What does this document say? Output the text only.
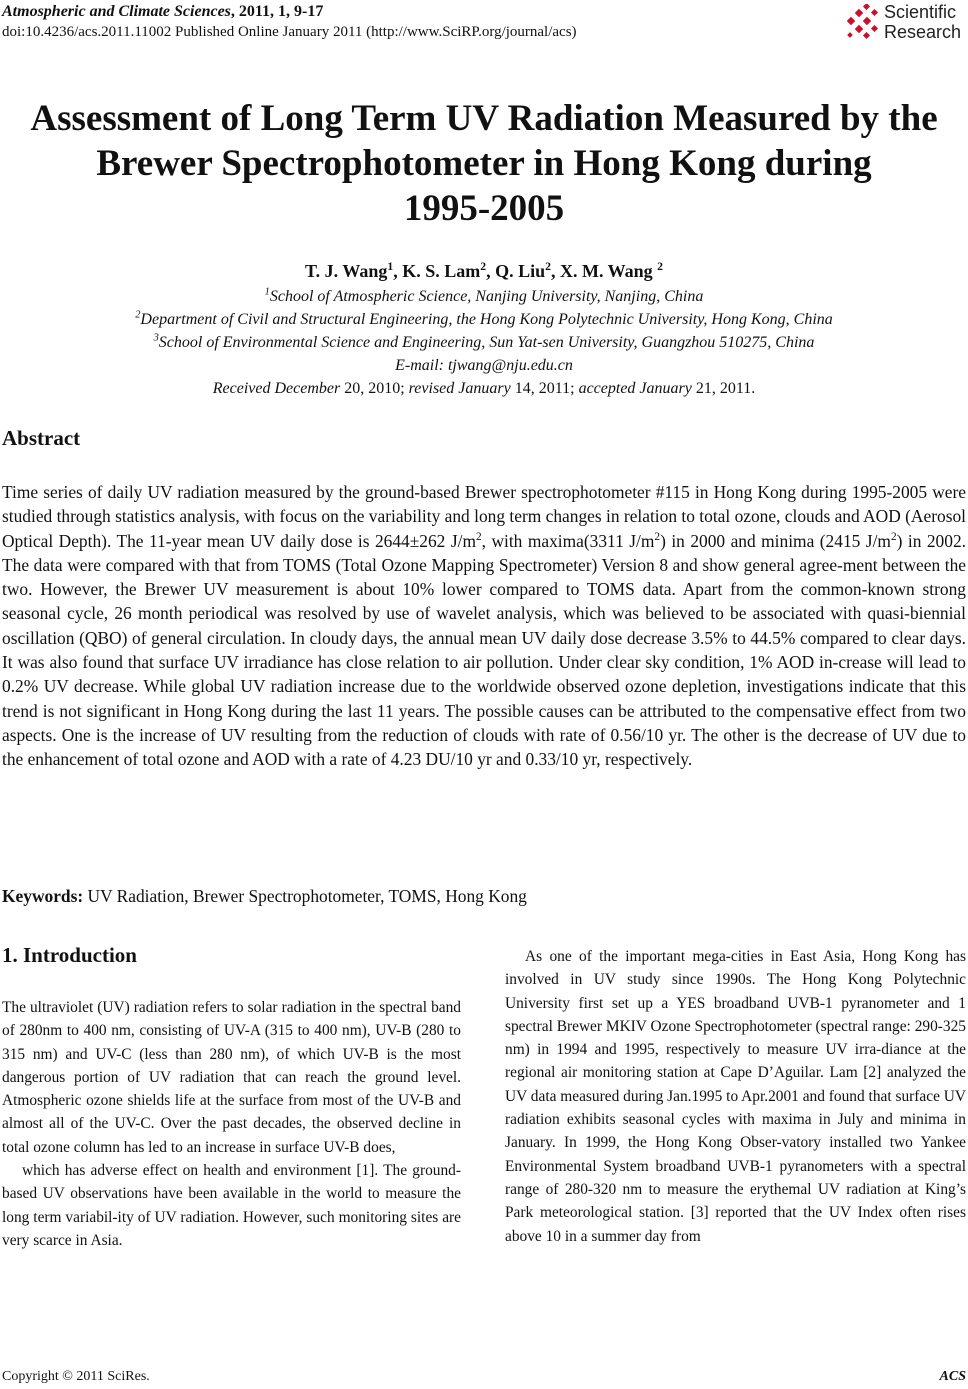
Atmospheric and Climate Sciences, 2011, 1, 9-17
doi:10.4236/acs.2011.11002 Published Online January 2011 (http://www.SciRP.org/journal/acs)
Scientific
Research
Assessment of Long Term UV Radiation Measured by the
Brewer Spectrophotometer in Hong Kong during
1995-2005
T. J. Wang$^1$, K. S. Lam$^2$, Q. Liu$^2$, X. M. Wang $^2$
$^1$School of Atmospheric Science, Nanjing University, Nanjing, China
$^2$Department of Civil and Structural Engineering, the Hong Kong Polytechnic University, Hong Kong, China
$^3$School of Environmental Science and Engineering, Sun Yat-sen University, Guangzhou 510275, China
E-mail: tjwang@nju.edu.cn
Received December 20, 2010; revised January 14, 2011; accepted January 21, 2011.
Abstract
Time series of daily UV radiation measured by the ground-based Brewer spectrophotometer #115 in Hong Kong during 1995-2005 were studied through statistics analysis, with focus on the variability and long term changes in relation to total ozone, clouds and AOD (Aerosol Optical Depth). The 11-year mean UV daily dose is 2644±262 $J/m^2$, with maxima(3311 $J/m^2$) in 2000 and minima (2415 $J/m^2$) in 2002. The data were compared with that from TOMS (Total Ozone Mapping Spectrometer) Version 8 and show general agree-ment between the two. However, the Brewer UV measurement is about 10% lower compared to TOMS data. Apart from the common-known strong seasonal cycle, 26 month periodical was resolved by use of wavelet analysis, which was believed to be associated with quasi-biennial oscillation (QBO) of general circulation. In cloudy days, the annual mean UV daily dose decrease 3.5% to 44.5% compared to clear days. It was also found that surface UV irradiance has close relation to air pollution. Under clear sky condition, 1% AOD in-crease will lead to 0.2% UV decrease. While global UV radiation increase due to the worldwide observed ozone depletion, investigations indicate that this trend is not significant in Hong Kong during the last 11 years. The possible causes can be attributed to the compensative effect from two aspects. One is the increase of UV resulting from the reduction of clouds with rate of 0.56/10 yr. The other is the decrease of UV due to the enhancement of total ozone and AOD with a rate of 4.23 DU/10 yr and 0.33/10 yr, respectively.
Keywords: UV Radiation, Brewer Spectrophotometer, TOMS, Hong Kong
1. Introduction
The ultraviolet (UV) radiation refers to solar radiation in the spectral band of 280nm to 400 nm, consisting of UV-A (315 to 400 nm), UV-B (280 to 315 nm) and UV-C (less than 280 nm), of which UV-B is the most dangerous portion of UV radiation that can reach the ground level. Atmospheric ozone shields life at the surface from most of the UV-B and almost all of the UV-C. Over the past decades, the observed decline in total ozone column has led to an increase in surface UV-B does,
which has adverse effect on health and environment [1]. The ground-based UV observations have been available in the world to measure the long term variabil-ity of UV radiation. However, such monitoring sites are very scarce in Asia.
As one of the important mega-cities in East Asia, Hong Kong has involved in UV study since 1990s. The Hong Kong Polytechnic University first set up a YES broadband UVB-1 pyranometer and 1 spectral Brewer MKIV Ozone Spectrophotometer (spectral range: 290-325 nm) in 1994 and 1995, respectively to measure UV irra-diance at the regional air monitoring station at Cape D’Aguilar. Lam [2] analyzed the UV data measured during Jan.1995 to Apr.2001 and found that surface UV radiation exhibits seasonal cycles with maxima in July and minima in January. In 1999, the Hong Kong Obser-vatory installed two Yankee Environmental System broadband UVB-1 pyranometers with a spectral range of 280-320 nm to measure the erythemal UV radiation at King’s Park meteorological station. [3] reported that the UV Index often rises above 10 in a summer day from
Copyright © 2011 SciRes.	ACS
